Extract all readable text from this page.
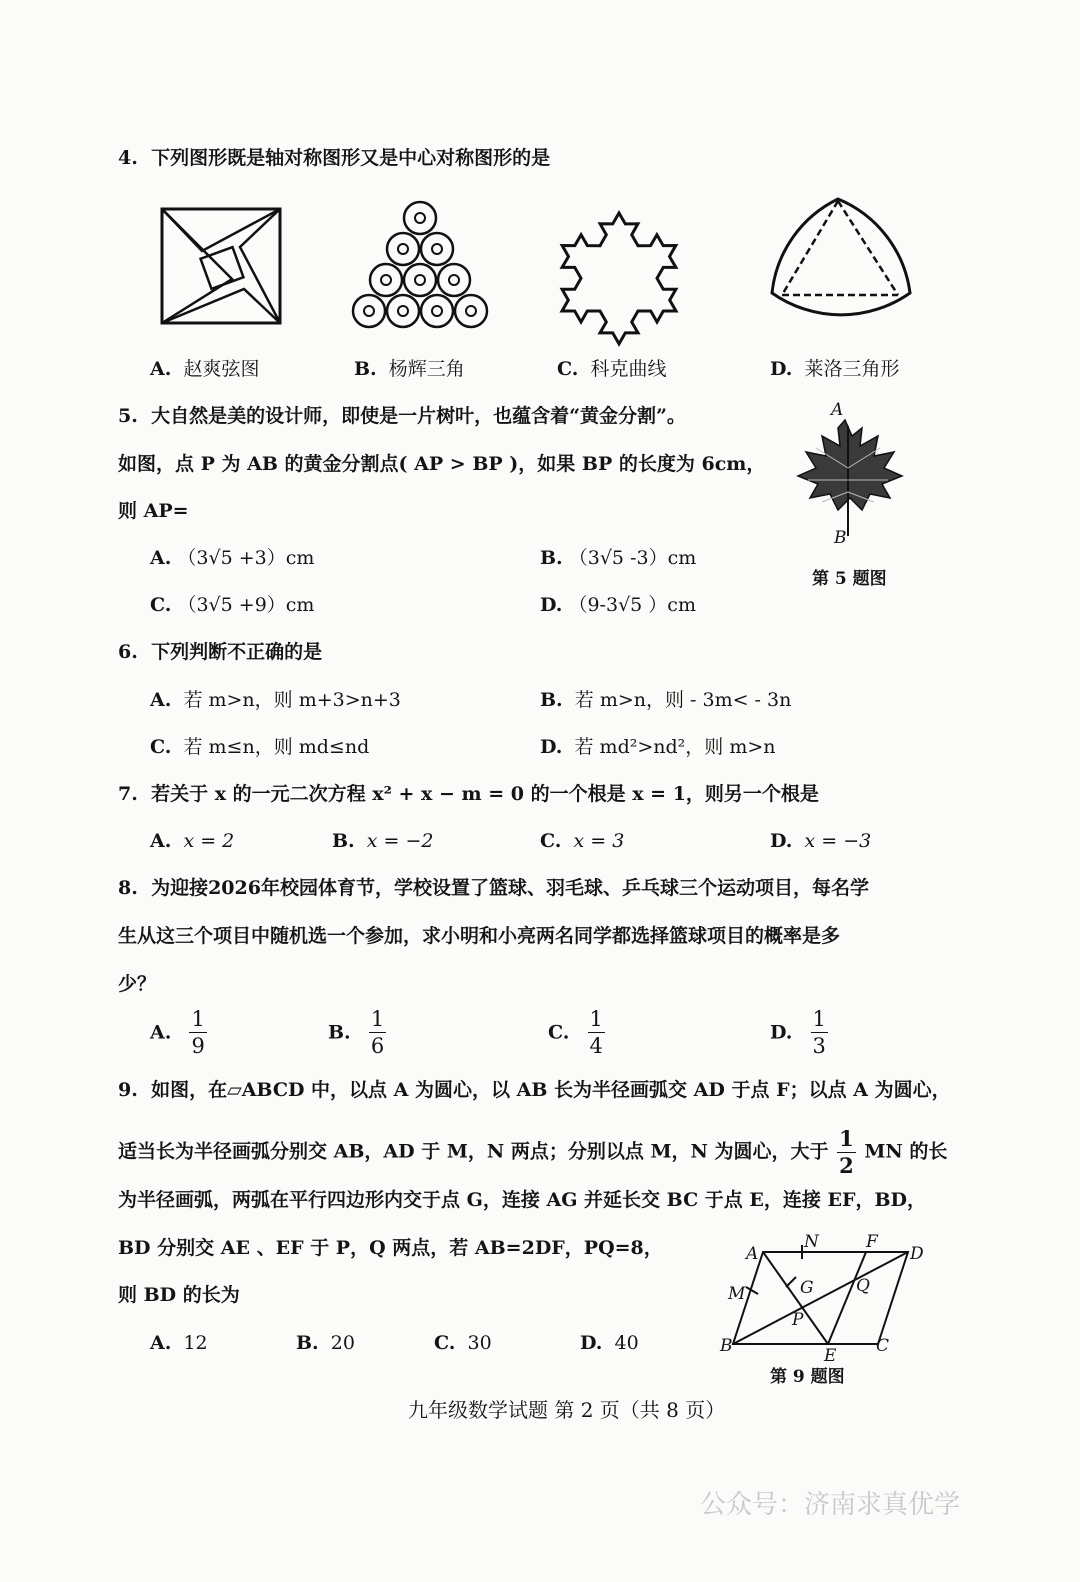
4. 下列图形既是轴对称图形又是中心对称图形的是
A. 赵爽弦图	B. 杨辉三角	C. 科克曲线	D. 莱洛三角形
5. 大自然是美的设计师，即使是一片树叶，也蕴含着“黄金分割”。
如图，点 P 为 AB 的黄金分割点( AP > BP )，如果 BP 的长度为 6cm，
则 AP=
A. （3√5 +3）cm	B. （3√5 -3）cm
C. （3√5 +9）cm	D. （9-3√5 ）cm
A
B
第 5 题图
6. 下列判断不正确的是
A. 若 m>n，则 m+3>n+3	B. 若 m>n，则 - 3m< - 3n
C. 若 m≤n，则 md≤nd	D. 若 md²>nd²，则 m>n
7. 若关于 x 的一元二次方程 x² + x − m = 0 的一个根是 x = 1，则另一个根是
A. x = 2	B. x = −2	C. x = 3	D. x = −3
8. 为迎接2026年校园体育节，学校设置了篮球、羽毛球、乒乓球三个运动项目，每名学
生从这三个项目中随机选一个参加，求小明和小亮两名同学都选择篮球项目的概率是多
少？
A. $\frac{1}{9}$	B. $\frac{1}{6}$	C. $\frac{1}{4}$	D. $\frac{1}{3}$
9. 如图，在▱ABCD 中，以点 A 为圆心，以 AB 长为半径画弧交 AD 于点 F；以点 A 为圆心，
适当长为半径画弧分别交 AB，AD 于 M，N 两点；分别以点 M，N 为圆心，大于 $\frac{1}{2}$ MN 的长
为半径画弧，两弧在平行四边形内交于点 G，连接 AG 并延长交 BC 于点 E，连接 EF，BD，
BD 分别交 AE 、EF 于 P，Q 两点，若 AB=2DF，PQ=8，
则 BD 的长为
A. 12	B. 20	C. 30	D. 40
A
N	F
D
M	G Q
P
B	E C
第 9 题图
九年级数学试题 第 2 页（共 8 页）
公众号：济南求真优学
